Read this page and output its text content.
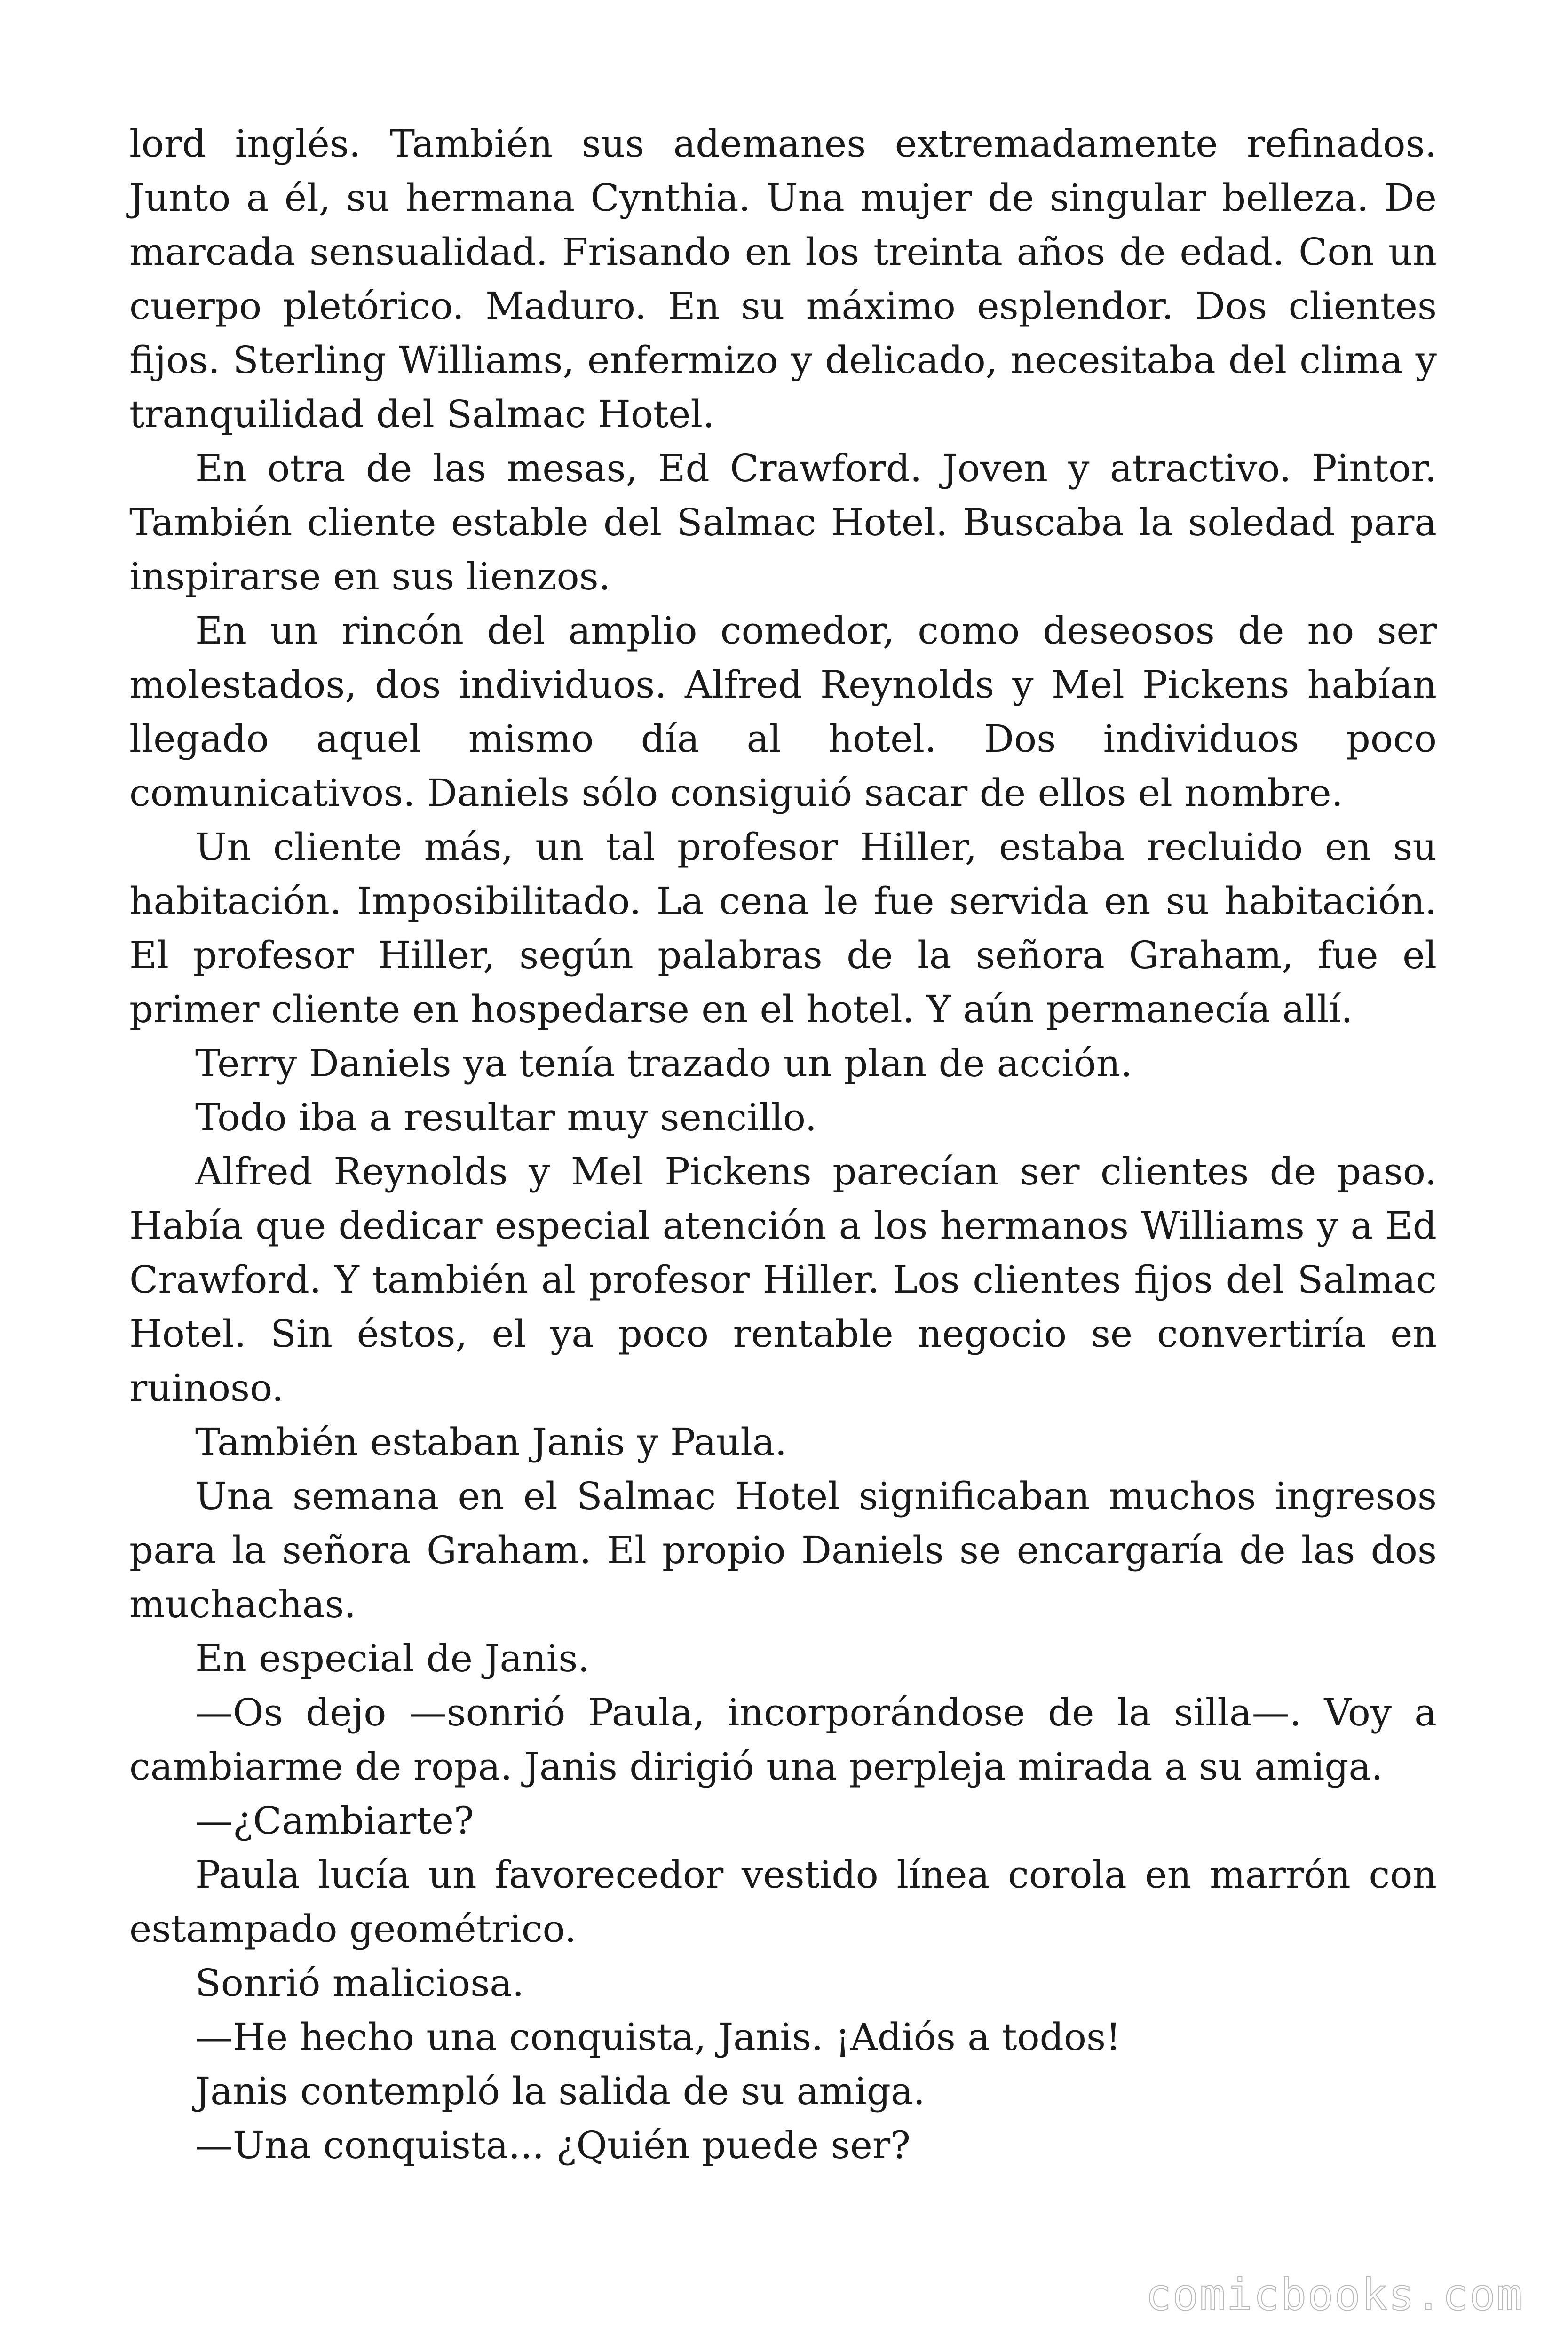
lord inglés. También sus ademanes extremadamente refinados. Junto a él, su hermana Cynthia. Una mujer de singular belleza. De marcada sensualidad. Frisando en los treinta años de edad. Con un cuerpo pletórico. Maduro. En su máximo esplendor. Dos clientes fijos. Sterling Williams, enfermizo y delicado, necesitaba del clima y tranquilidad del Salmac Hotel.

En otra de las mesas, Ed Crawford. Joven y atractivo. Pintor. También cliente estable del Salmac Hotel. Buscaba la soledad para inspirarse en sus lienzos.

En un rincón del amplio comedor, como deseosos de no ser molestados, dos individuos. Alfred Reynolds y Mel Pickens habían llegado aquel mismo día al hotel. Dos individuos poco comunicativos. Daniels sólo consiguió sacar de ellos el nombre.

Un cliente más, un tal profesor Hiller, estaba recluido en su habitación. Imposibilitado. La cena le fue servida en su habitación. El profesor Hiller, según palabras de la señora Graham, fue el primer cliente en hospedarse en el hotel. Y aún permanecía allí.

Terry Daniels ya tenía trazado un plan de acción.

Todo iba a resultar muy sencillo.

Alfred Reynolds y Mel Pickens parecían ser clientes de paso. Había que dedicar especial atención a los hermanos Williams y a Ed Crawford. Y también al profesor Hiller. Los clientes fijos del Salmac Hotel. Sin éstos, el ya poco rentable negocio se convertiría en ruinoso.

También estaban Janis y Paula.

Una semana en el Salmac Hotel significaban muchos ingresos para la señora Graham. El propio Daniels se encargaría de las dos muchachas.

En especial de Janis.

—Os dejo —sonrió Paula, incorporándose de la silla—. Voy a cambiarme de ropa. Janis dirigió una perpleja mirada a su amiga.

—¿Cambiarte?

Paula lucía un favorecedor vestido línea corola en marrón con estampado geométrico.

Sonrió maliciosa.

—He hecho una conquista, Janis. ¡Adiós a todos!

Janis contempló la salida de su amiga.

—Una conquista... ¿Quién puede ser?

comicbooks.com
